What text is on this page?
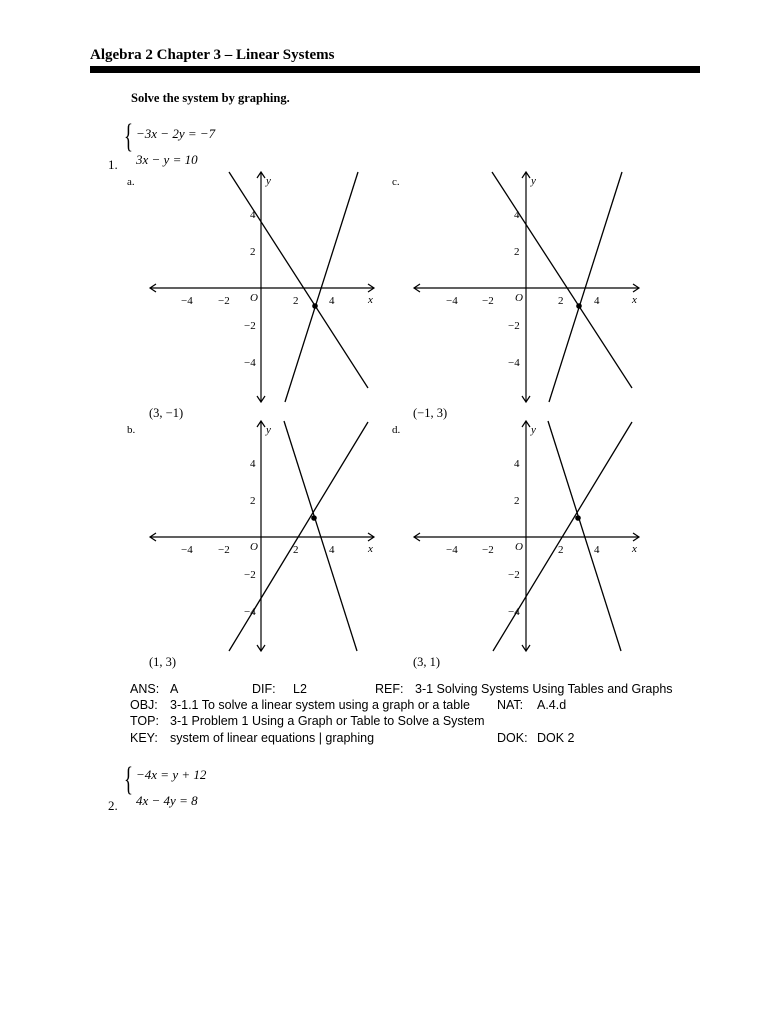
Algebra 2 Chapter 3 – Linear Systems
Solve the system by graphing.
{ −3x − 2y = −7
3x − y = 10
1.
a.	c.
b.	d.
(3, −1)	(−1, 3)
(1, 3)	(3, 1)
y
x
O
−4 −2	2	4
4
2
−2
−4
y
x
O
−4 −2	2	4
4
2
−2
−4
y
x
O
−4 −2	2	4
4
2
−2
−4
y
x
O
−4 −2	2	4
4
2
−2
−4
ANS: A	DIF: L2	REF: 3-1 Solving Systems Using Tables and Graphs
OBJ: 3-1.1 To solve a linear system using a graph or a table NAT: A.4.d
TOP: 3-1 Problem 1 Using a Graph or Table to Solve a System
KEY: system of linear equations | graphing	DOK: DOK 2
{ −4x = y + 12
4x − 4y = 8
2.
